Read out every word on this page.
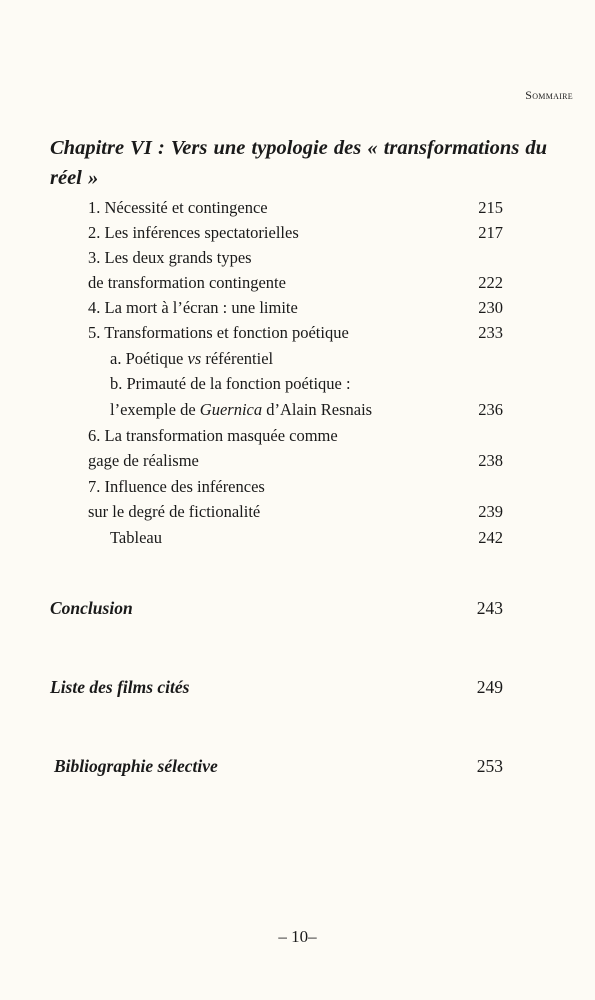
Sommaire

Chapitre VI : Vers une typologie des « transformations du réel »

1. Nécessité et contingence	215
2. Les inférences spectatorielles	217
3. Les deux grands types
de transformation contingente	222
4. La mort à l’écran : une limite	230
5. Transformations et fonction poétique	233
a. Poétique vs référentiel
b. Primauté de la fonction poétique :
l’exemple de Guernica d’Alain Resnais	236
6. La transformation masquée comme
gage de réalisme	238
7. Influence des inférences
sur le degré de fictionalité	239
Tableau	242
Conclusion	243
Liste des films cités	249
Bibliographie sélective	253
– 10–
